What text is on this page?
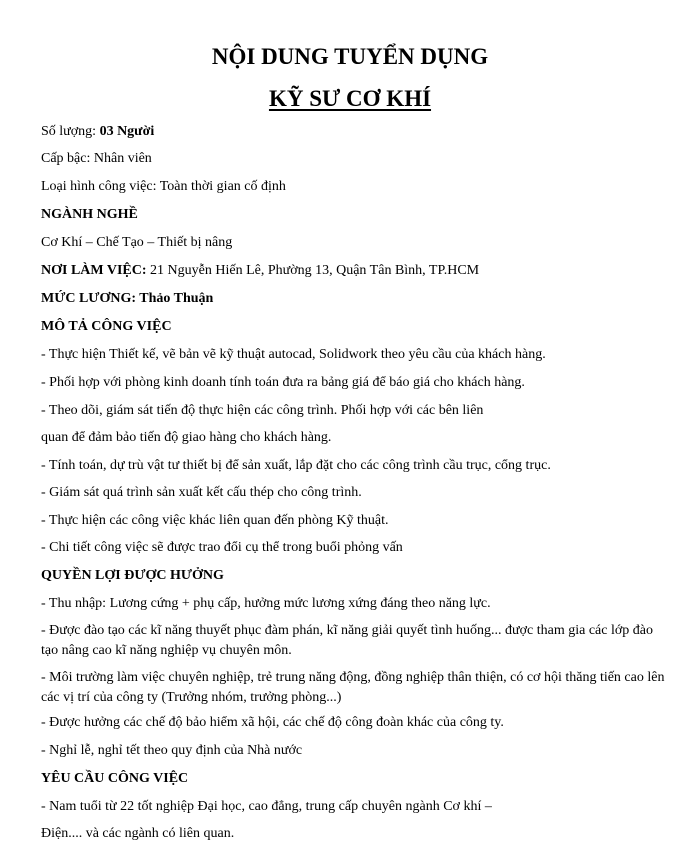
NỘI DUNG TUYỂN DỤNG
KỸ SƯ CƠ KHÍ

Số lượng: 03 Người

Cấp bậc: Nhân viên

Loại hình công việc: Toàn thời gian cố định

NGÀNH NGHỀ

Cơ Khí – Chế Tạo – Thiết bị nâng

NƠI LÀM VIỆC: 21 Nguyễn Hiến Lê, Phường 13, Quận Tân Bình, TP.HCM

MỨC LƯƠNG: Thảo Thuận

MÔ TẢ CÔNG VIỆC

- Thực hiện Thiết kế, vẽ bản vẽ kỹ thuật autocad, Solidwork theo yêu cầu của khách hàng.

- Phối hợp với phòng kinh doanh tính toán đưa ra bảng giá để báo giá cho khách hàng.

- Theo dõi, giám sát tiến độ thực hiện các công trình. Phối hợp với các bên liên

quan để đảm bảo tiến độ giao hàng cho khách hàng.

- Tính toán, dự trù vật tư thiết bị để sản xuất, lắp đặt cho các công trình cầu trục, cổng trục.

- Giám sát quá trình sản xuất kết cấu thép cho công trình.

- Thực hiện các công việc khác liên quan đến phòng Kỹ thuật.

- Chi tiết công việc sẽ được trao đổi cụ thể trong buổi phỏng vấn

QUYỀN LỢI ĐƯỢC HƯỞNG

- Thu nhập: Lương cứng + phụ cấp, hưởng mức lương xứng đáng theo năng lực.

- Được đào tạo các kĩ năng thuyết phục đàm phán, kĩ năng giải quyết tình huống... được tham gia các lớp đào tạo nâng cao kĩ năng nghiệp vụ chuyên môn.

- Môi trường làm việc chuyên nghiệp, trẻ trung năng động, đồng nghiệp thân thiện, có cơ hội thăng tiến cao lên các vị trí của công ty (Trưởng nhóm, trưởng phòng...)

- Được hưởng các chế độ bảo hiểm xã hội, các chế độ công đoàn khác của công ty.

- Nghỉ lễ, nghỉ tết theo quy định của Nhà nước

YÊU CẦU CÔNG VIỆC

- Nam tuổi từ 22 tốt nghiệp Đại học, cao đẳng, trung cấp chuyên ngành Cơ khí –

Điện.... và các ngành có liên quan.
